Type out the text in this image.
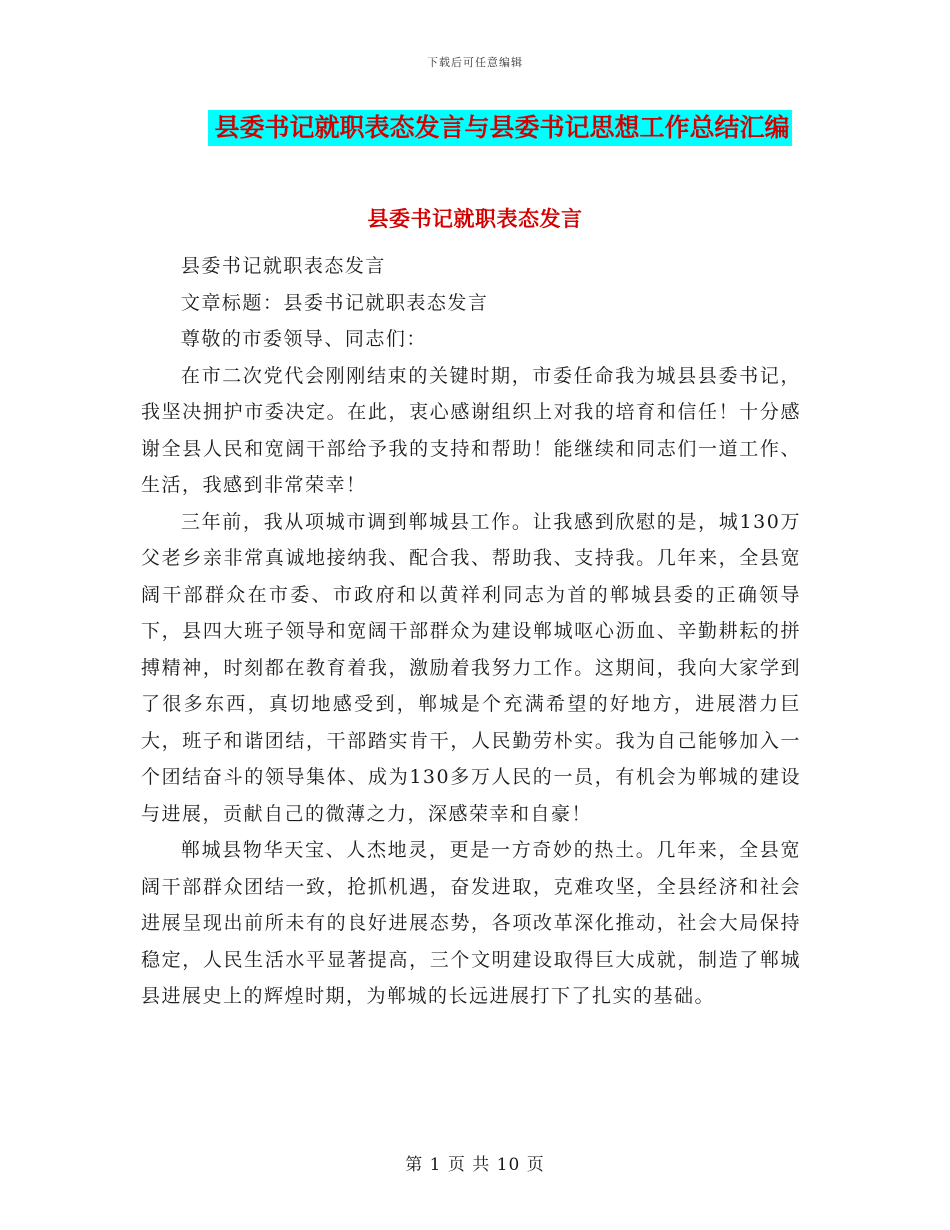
下载后可任意编辑
县委书记就职表态发言与县委书记思想工作总结汇编
县委书记就职表态发言

县委书记就职表态发言

文章标题：县委书记就职表态发言

尊敬的市委领导、同志们：

在市二次党代会刚刚结束的关键时期，市委任命我为城县县委书记，我坚决拥护市委决定。在此，衷心感谢组织上对我的培育和信任！十分感谢全县人民和宽阔干部给予我的支持和帮助！能继续和同志们一道工作、生活，我感到非常荣幸！

三年前，我从项城市调到郸城县工作。让我感到欣慰的是，城130万父老乡亲非常真诚地接纳我、配合我、帮助我、支持我。几年来，全县宽阔干部群众在市委、市政府和以黄祥利同志为首的郸城县委的正确领导下，县四大班子领导和宽阔干部群众为建设郸城呕心沥血、辛勤耕耘的拼搏精神，时刻都在教育着我，激励着我努力工作。这期间，我向大家学到了很多东西，真切地感受到，郸城是个充满希望的好地方，进展潜力巨大，班子和谐团结，干部踏实肯干，人民勤劳朴实。我为自己能够加入一个团结奋斗的领导集体、成为130多万人民的一员，有机会为郸城的建设与进展，贡献自己的微薄之力，深感荣幸和自豪！

郸城县物华天宝、人杰地灵，更是一方奇妙的热土。几年来，全县宽阔干部群众团结一致，抢抓机遇，奋发进取，克难攻坚，全县经济和社会进展呈现出前所未有的良好进展态势，各项改革深化推动，社会大局保持稳定，人民生活水平显著提高，三个文明建设取得巨大成就，制造了郸城县进展史上的辉煌时期，为郸城的长远进展打下了扎实的基础。

第 1 页 共 10 页
